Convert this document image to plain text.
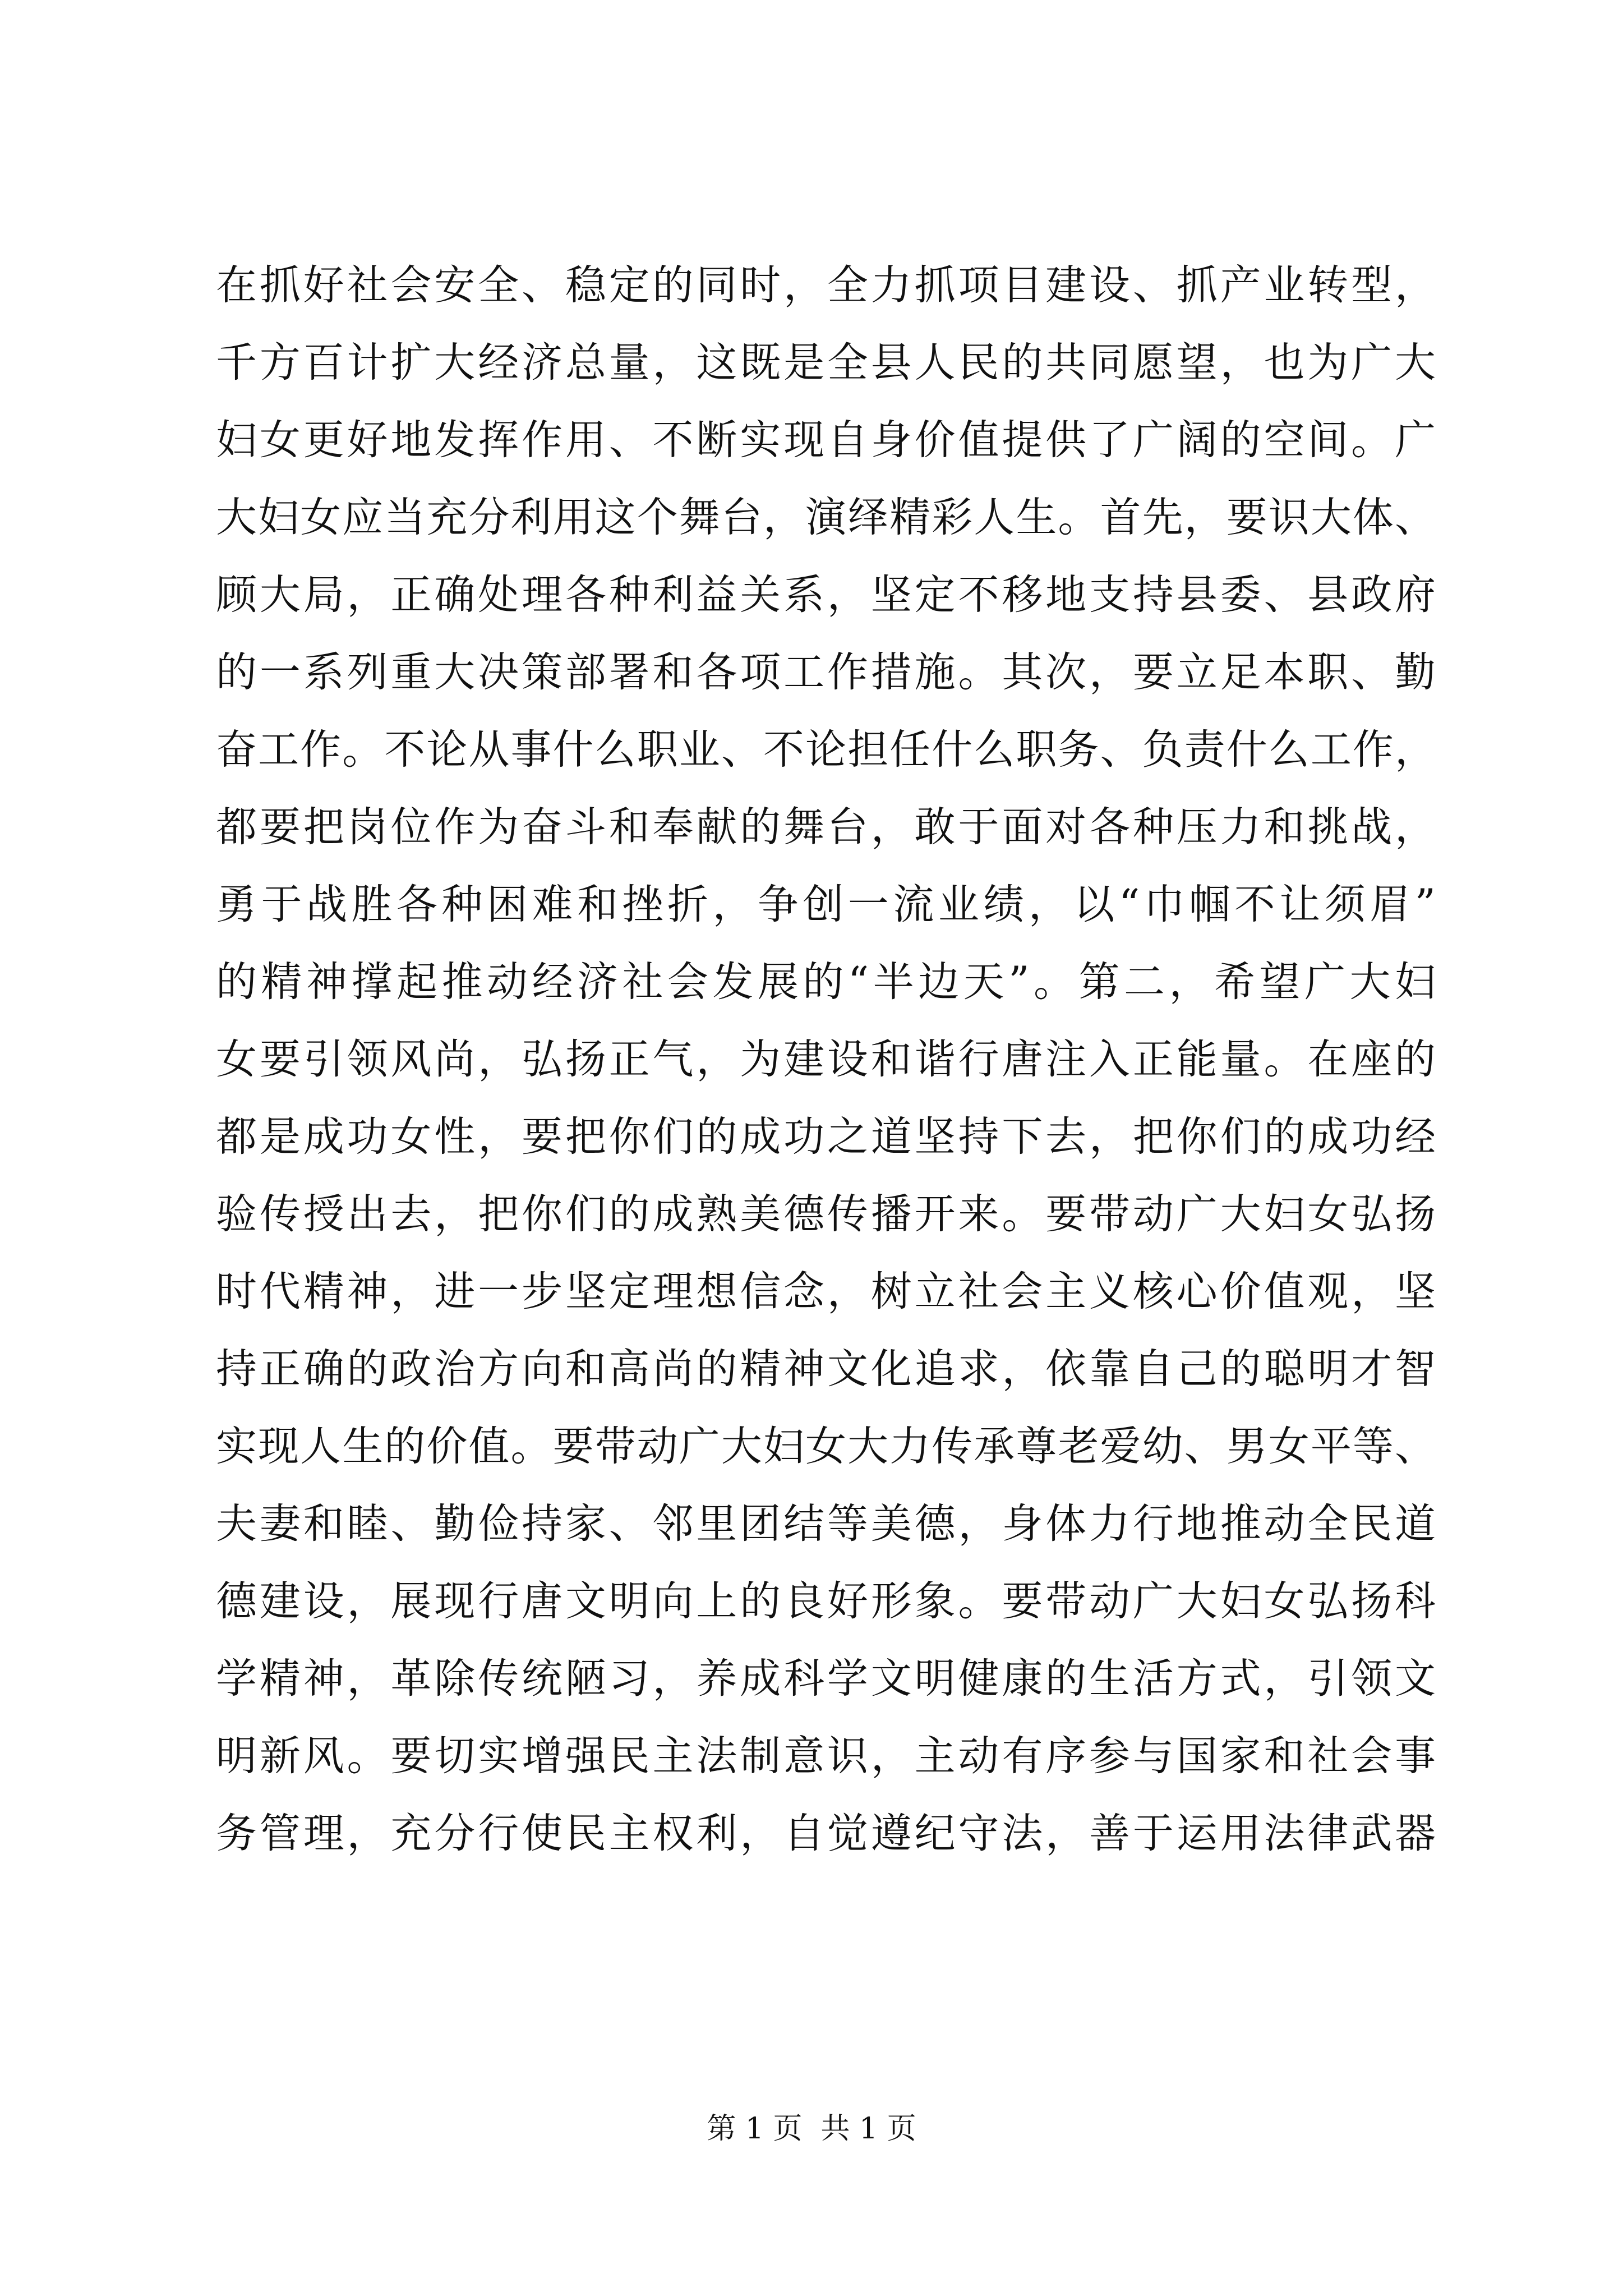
在抓好社会安全、稳定的同时，全力抓项目建设、抓产业转型，
千方百计扩大经济总量，这既是全县人民的共同愿望，也为广大
妇女更好地发挥作用、不断实现自身价值提供了广阔的空间。广
大妇女应当充分利用这个舞台，演绎精彩人生。首先，要识大体、
顾大局，正确处理各种利益关系，坚定不移地支持县委、县政府
的一系列重大决策部署和各项工作措施。其次，要立足本职、勤
奋工作。不论从事什么职业、不论担任什么职务、负责什么工作，
都要把岗位作为奋斗和奉献的舞台，敢于面对各种压力和挑战，
勇于战胜各种困难和挫折，争创一流业绩，以“巾帼不让须眉”
的精神撑起推动经济社会发展的“半边天”。第二，希望广大妇
女要引领风尚，弘扬正气，为建设和谐行唐注入正能量。在座的
都是成功女性，要把你们的成功之道坚持下去，把你们的成功经
验传授出去，把你们的成熟美德传播开来。要带动广大妇女弘扬
时代精神，进一步坚定理想信念，树立社会主义核心价值观，坚
持正确的政治方向和高尚的精神文化追求，依靠自己的聪明才智
实现人生的价值。要带动广大妇女大力传承尊老爱幼、男女平等、
夫妻和睦、勤俭持家、邻里团结等美德，身体力行地推动全民道
德建设，展现行唐文明向上的良好形象。要带动广大妇女弘扬科
学精神，革除传统陋习，养成科学文明健康的生活方式，引领文
明新风。要切实增强民主法制意识，主动有序参与国家和社会事
务管理，充分行使民主权利，自觉遵纪守法，善于运用法律武器
第 1 页  共 1 页
